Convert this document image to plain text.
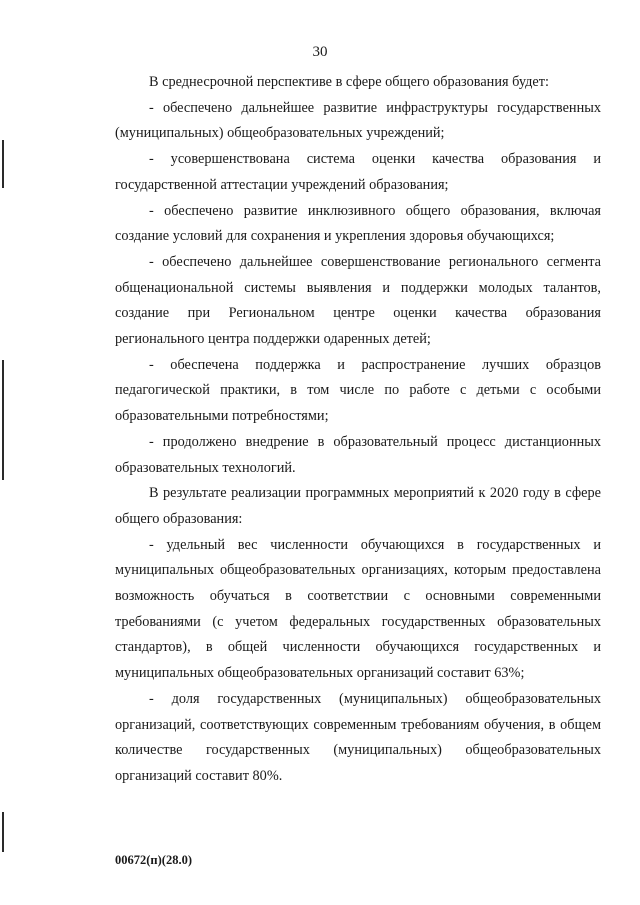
30

В среднесрочной перспективе в сфере общего образования будет:

- обеспечено дальнейшее развитие инфраструктуры государственных (муниципальных) общеобразовательных учреждений;

- усовершенствована система оценки качества образования и государственной аттестации учреждений образования;

- обеспечено развитие инклюзивного общего образования, включая создание условий для сохранения и укрепления здоровья обучающихся;

- обеспечено дальнейшее совершенствование регионального сегмента общенациональной системы выявления и поддержки молодых талантов, создание при Региональном центре оценки качества образования регионального центра поддержки одаренных детей;

- обеспечена поддержка и распространение лучших образцов педагогической практики, в том числе по работе с детьми с особыми образовательными потребностями;

- продолжено внедрение в образовательный процесс дистанционных образовательных технологий.

В результате реализации программных мероприятий к 2020 году в сфере общего образования:

- удельный вес численности обучающихся в государственных и муниципальных общеобразовательных организациях, которым предоставлена возможность обучаться в соответствии с основными современными требованиями (с учетом федеральных государственных образовательных стандартов), в общей численности обучающихся государственных и муниципальных общеобразовательных организаций составит 63%;

- доля государственных (муниципальных) общеобразовательных организаций, соответствующих современным требованиям обучения, в общем количестве государственных (муниципальных) общеобразовательных организаций составит 80%.

00672(п)(28.0)
